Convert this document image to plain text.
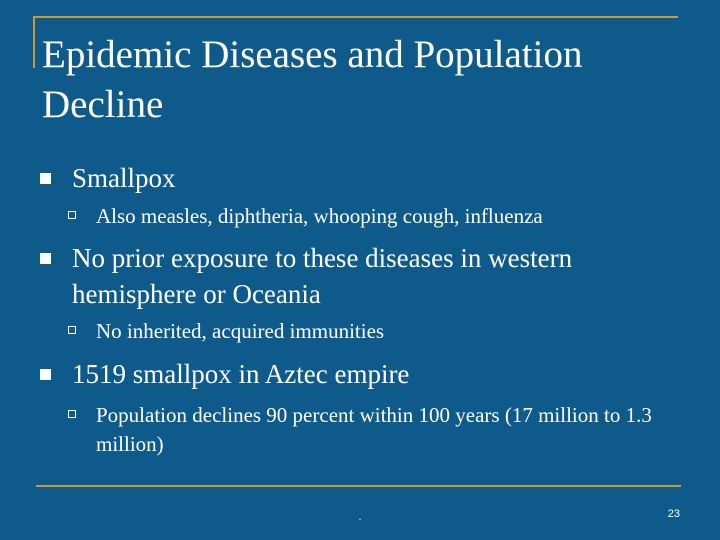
Epidemic Diseases and Population Decline
Smallpox
Also measles, diphtheria, whooping cough, influenza
No prior exposure to these diseases in western hemisphere or Oceania
No inherited, acquired immunities
1519 smallpox in Aztec empire
Population declines 90 percent within 100 years (17 million to 1.3 million)
.	23
